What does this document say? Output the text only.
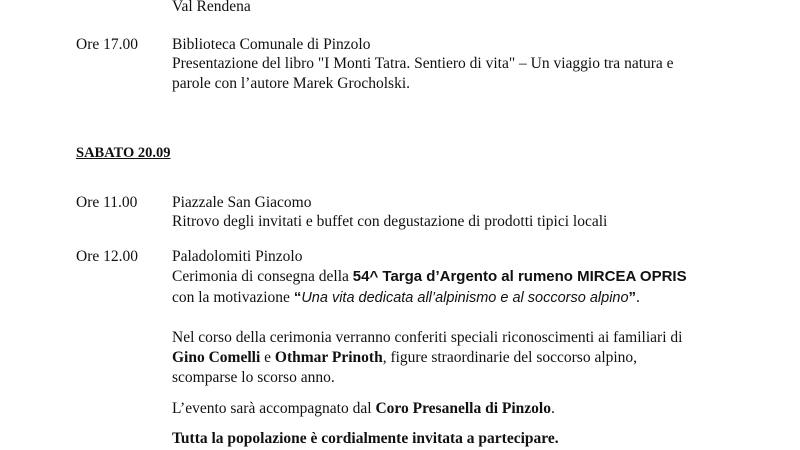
Val Rendena
Ore 17.00 Biblioteca Comunale di Pinzolo
Presentazione del libro "I Monti Tatra. Sentiero di vita" – Un viaggio tra natura e
parole con l’autore Marek Grocholski.
SABATO 20.09
Ore 11.00 Piazzale San Giacomo
Ritrovo degli invitati e buffet con degustazione di prodotti tipici locali
Ore 12.00 Paladolomiti Pinzolo
Cerimonia di consegna della 54^ Targa d’Argento al rumeno MIRCEA OPRIS
con la motivazione “Una vita dedicata all’alpinismo e al soccorso alpino”.
Nel corso della cerimonia verranno conferiti speciali riconoscimenti ai familiari di
Gino Comelli e Othmar Prinoth, figure straordinarie del soccorso alpino,
scomparse lo scorso anno.
L’evento sarà accompagnato dal Coro Presanella di Pinzolo.
Tutta la popolazione è cordialmente invitata a partecipare.
